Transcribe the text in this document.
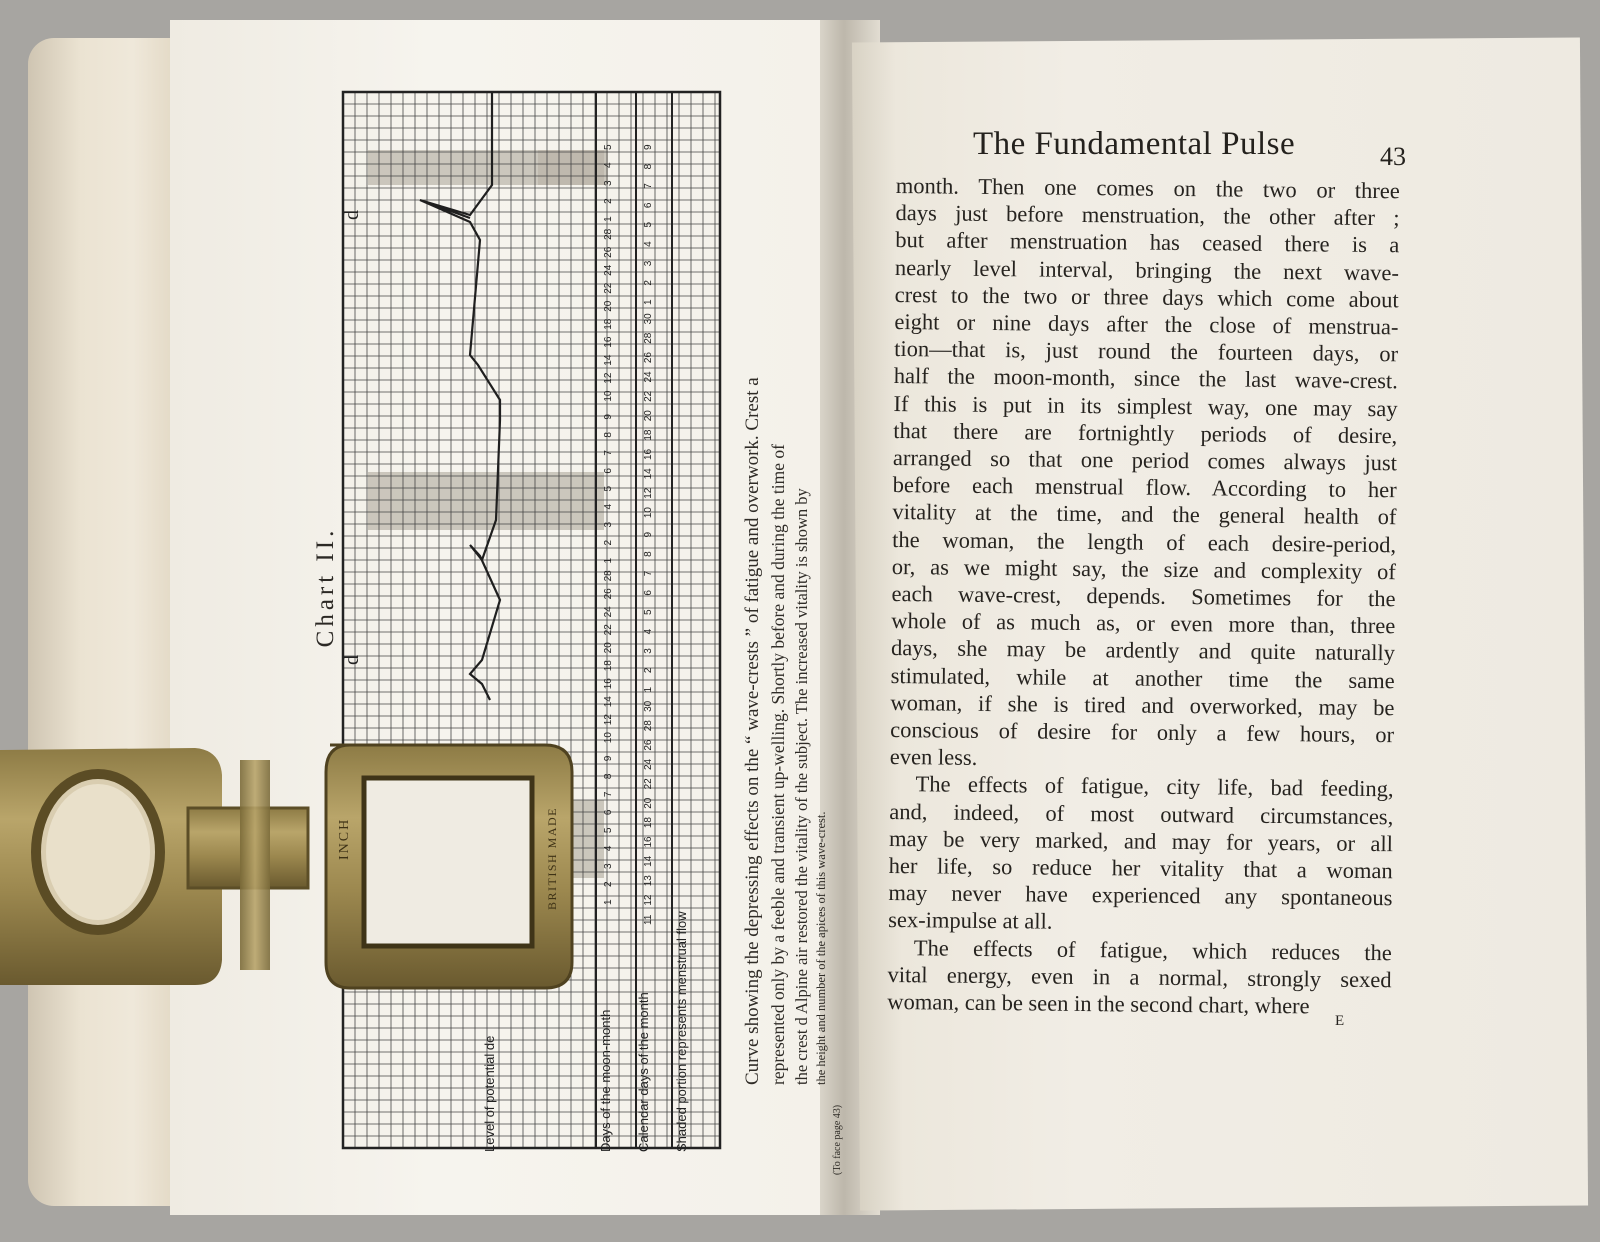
Level of potential de	Days of the moon-month Calendar days of the month Shaded portion represents menstrual flow
1
2
3
4
5
6
7
8
9
10
12
14
16
18
20
22
24
26
28
1
2
3
4
5
6
7
8
9
10
12
14
16
18
20
22
24
26
28
1
2
3
4
5
11
12
13
14
16
18
20
22
24
26
28
30
1
2
3
4
5
6
7
8
9
10
12
14
16
18
20
22
24
26
28
30
1
2
3
4
5
6
7
8
9
d
d
Chart II.	Curve showing the depressing effects on the “ wave-crests ” of fatigue and overwork. Crest a represented only by a feeble and transient up-welling. Shortly before and during the time of the crest d Alpine air restored the vitality of the subject. The increased vitality is shown by the height and number of the apices of this wave-crest.
(To face page 43)
The Fundamental Pulse	43
month. Then one comes on the two or three
days just before menstruation, the other after ;
but after menstruation has ceased there is a
nearly level interval, bringing the next wave-
crest to the two or three days which come about
eight or nine days after the close of menstrua-
tion—that is, just round the fourteen days, or
half the moon-month, since the last wave-crest.
If this is put in its simplest way, one may say
that there are fortnightly periods of desire,
arranged so that one period comes always just
before each menstrual flow. According to her
vitality at the time, and the general health of
the woman, the length of each desire-period,
or, as we might say, the size and complexity of
each wave-crest, depends. Sometimes for the
whole of as much as, or even more than, three
days, she may be ardently and quite naturally
stimulated, while at another time the same
woman, if she is tired and overworked, may be
conscious of desire for only a few hours, or
even less.
The effects of fatigue, city life, bad feeding,
and, indeed, of most outward circumstances,
may be very marked, and may for years, or all
her life, so reduce her vitality that a woman
may never have experienced any spontaneous
sex-impulse at all.
The effects of fatigue, which reduces the
vital energy, even in a normal, strongly sexed
woman, can be seen in the second chart, where
E
INCH	BRITISH MADE
